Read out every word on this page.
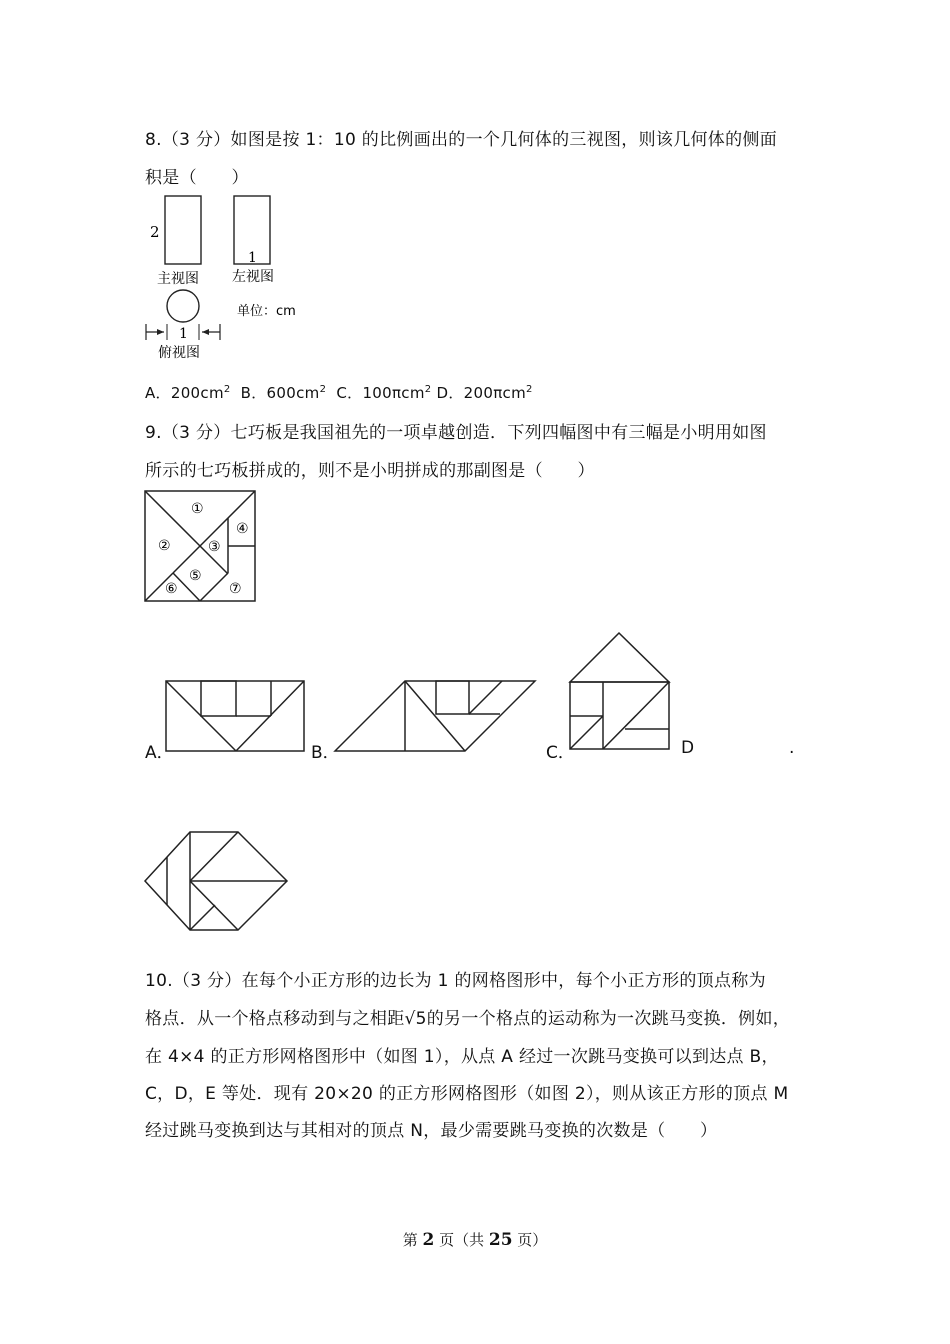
8.（3 分）如图是按 1：10 的比例画出的一个几何体的三视图，则该几何体的侧面
积是（　　）
2
1
主视图 左视图
单位：cm
1
俯视图
A．$200cm^2$ B．$600cm^2$ C．100πcm$^2$ D．200πcm$^2$
9.（3 分）七巧板是我国祖先的一项卓越创造．下列四幅图中有三幅是小明用如图
所示的七巧板拼成的，则不是小明拼成的那副图是（　　）
①
②	③
④
⑤
⑥	⑦
A．	B．	C．	D	.
10.（3 分）在每个小正方形的边长为 1 的网格图形中，每个小正方形的顶点称为
格点．从一个格点移动到与之相距√5的另一个格点的运动称为一次跳马变换．例如，
在 4×4 的正方形网格图形中（如图 1），从点 A 经过一次跳马变换可以到达点 B，
C，D，E 等处．现有 20×20 的正方形网格图形（如图 2），则从该正方形的顶点 M
经过跳马变换到达与其相对的顶点 N，最少需要跳马变换的次数是（　　）
第 2 页（共 25 页）
